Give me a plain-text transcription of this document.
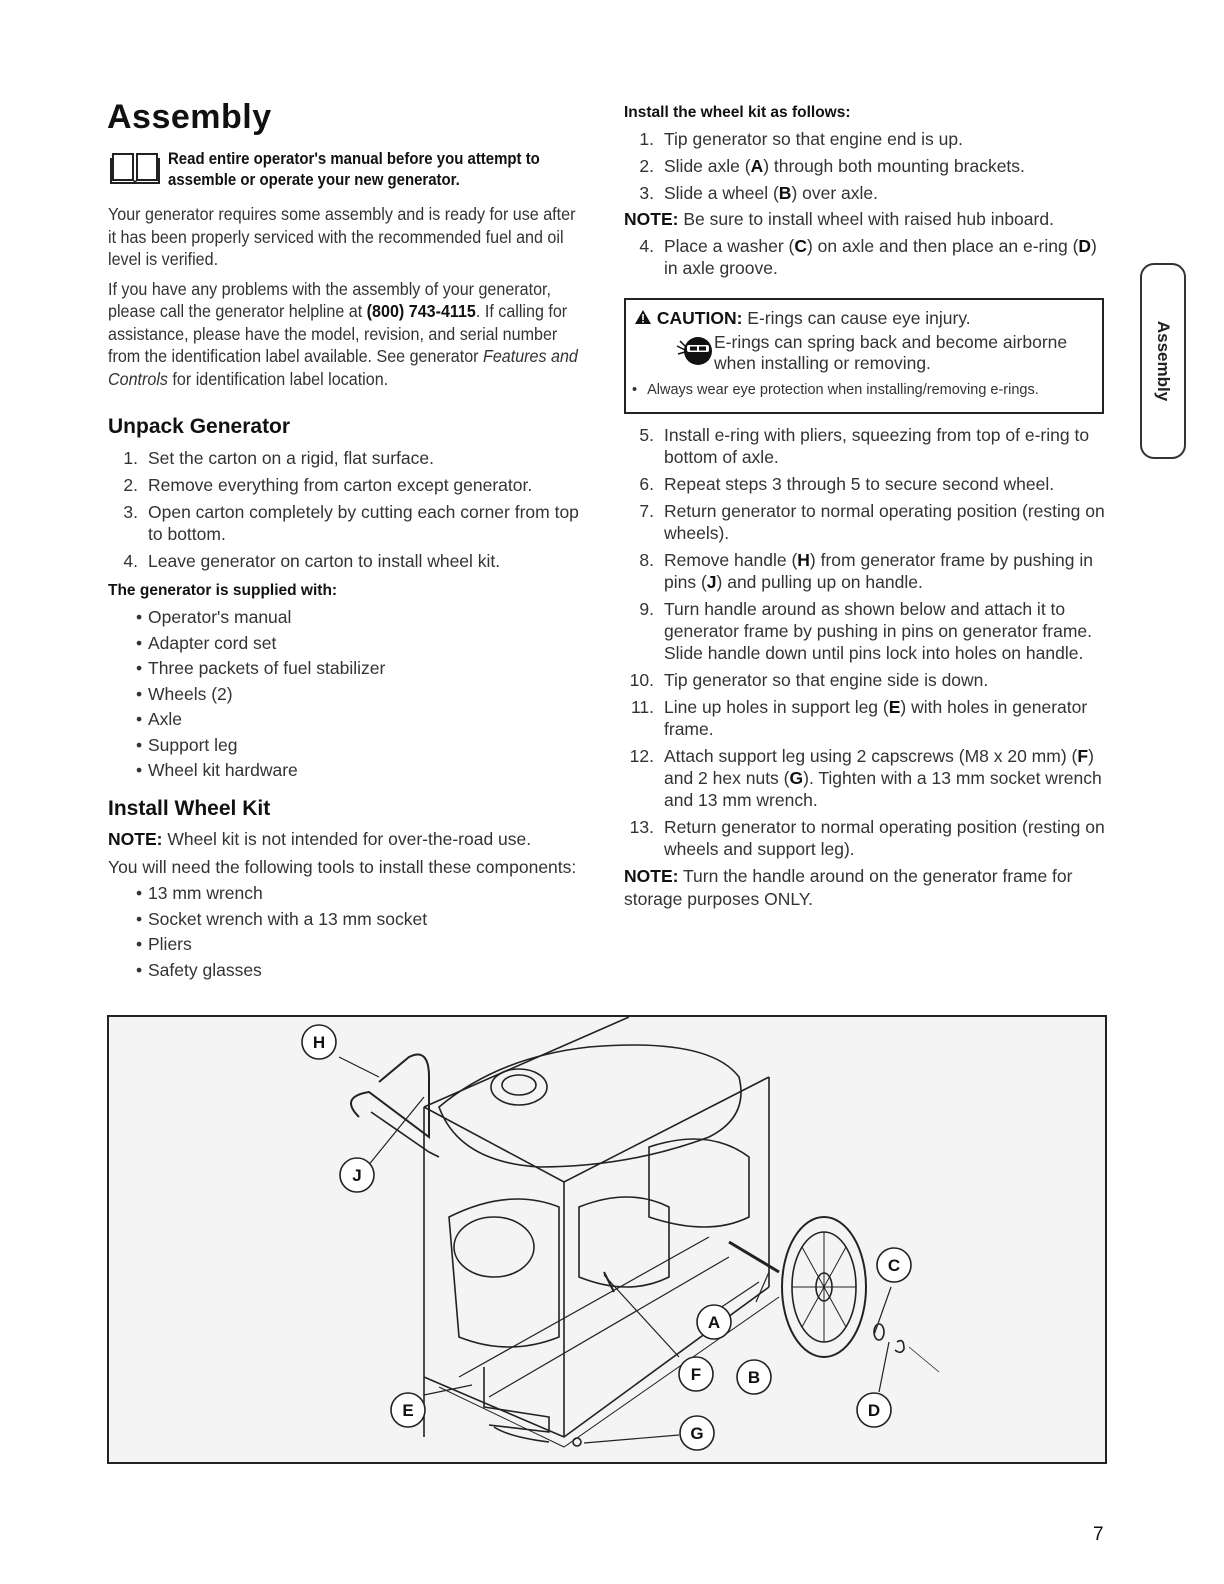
Assembly
Read entire operator's manual before you attempt to assemble or operate your new generator.

Your generator requires some assembly and is ready for use after it has been properly serviced with the recommended fuel and oil level is verified.

If you have any problems with the assembly of your generator, please call the generator helpline at (800) 743-4115. If calling for assistance, please have the model, revision, and serial number from the identification label available. See generator Features and Controls for identification label location.

Unpack Generator
1. Set the carton on a rigid, flat surface.
2. Remove everything from carton except generator.
3. Open carton completely by cutting each corner from top to bottom.
4. Leave generator on carton to install wheel kit.
The generator is supplied with:
• Operator's manual
• Adapter cord set
• Three packets of fuel stabilizer
• Wheels (2)
• Axle
• Support leg
• Wheel kit hardware
Install Wheel Kit

NOTE: Wheel kit is not intended for over-the-road use.

You will need the following tools to install these components:

• 13 mm wrench
• Socket wrench with a 13 mm socket
• Pliers
• Safety glasses
Install the wheel kit as follows:
1. Tip generator so that engine end is up.
2. Slide axle (A) through both mounting brackets.
3. Slide a wheel (B) over axle.

NOTE: Be sure to install wheel with raised hub inboard.

4. Place a washer (C) on axle and then place an e-ring (D) in axle groove.
CAUTION: E-rings can cause eye injury.
E-rings can spring back and become airborne when installing or removing.
• Always wear eye protection when installing/removing e-rings.
5. Install e-ring with pliers, squeezing from top of e-ring to bottom of axle.
6. Repeat steps 3 through 5 to secure second wheel.
7. Return generator to normal operating position (resting on wheels).
8. Remove handle (H) from generator frame by pushing in pins (J) and pulling up on handle.
9. Turn handle around as shown below and attach it to generator frame by pushing in pins on generator frame. Slide handle down until pins lock into holes on handle.
10. Tip generator so that engine side is down.
11. Line up holes in support leg (E) with holes in generator frame.
12. Attach support leg using 2 capscrews (M8 x 20 mm) (F) and 2 hex nuts (G). Tighten with a 13 mm socket wrench and 13 mm wrench.
13. Return generator to normal operating position (resting on wheels and support leg).

NOTE: Turn the handle around on the generator frame for storage purposes ONLY.

Assembly
H
J
E
F
A
B
C
D
G
7
